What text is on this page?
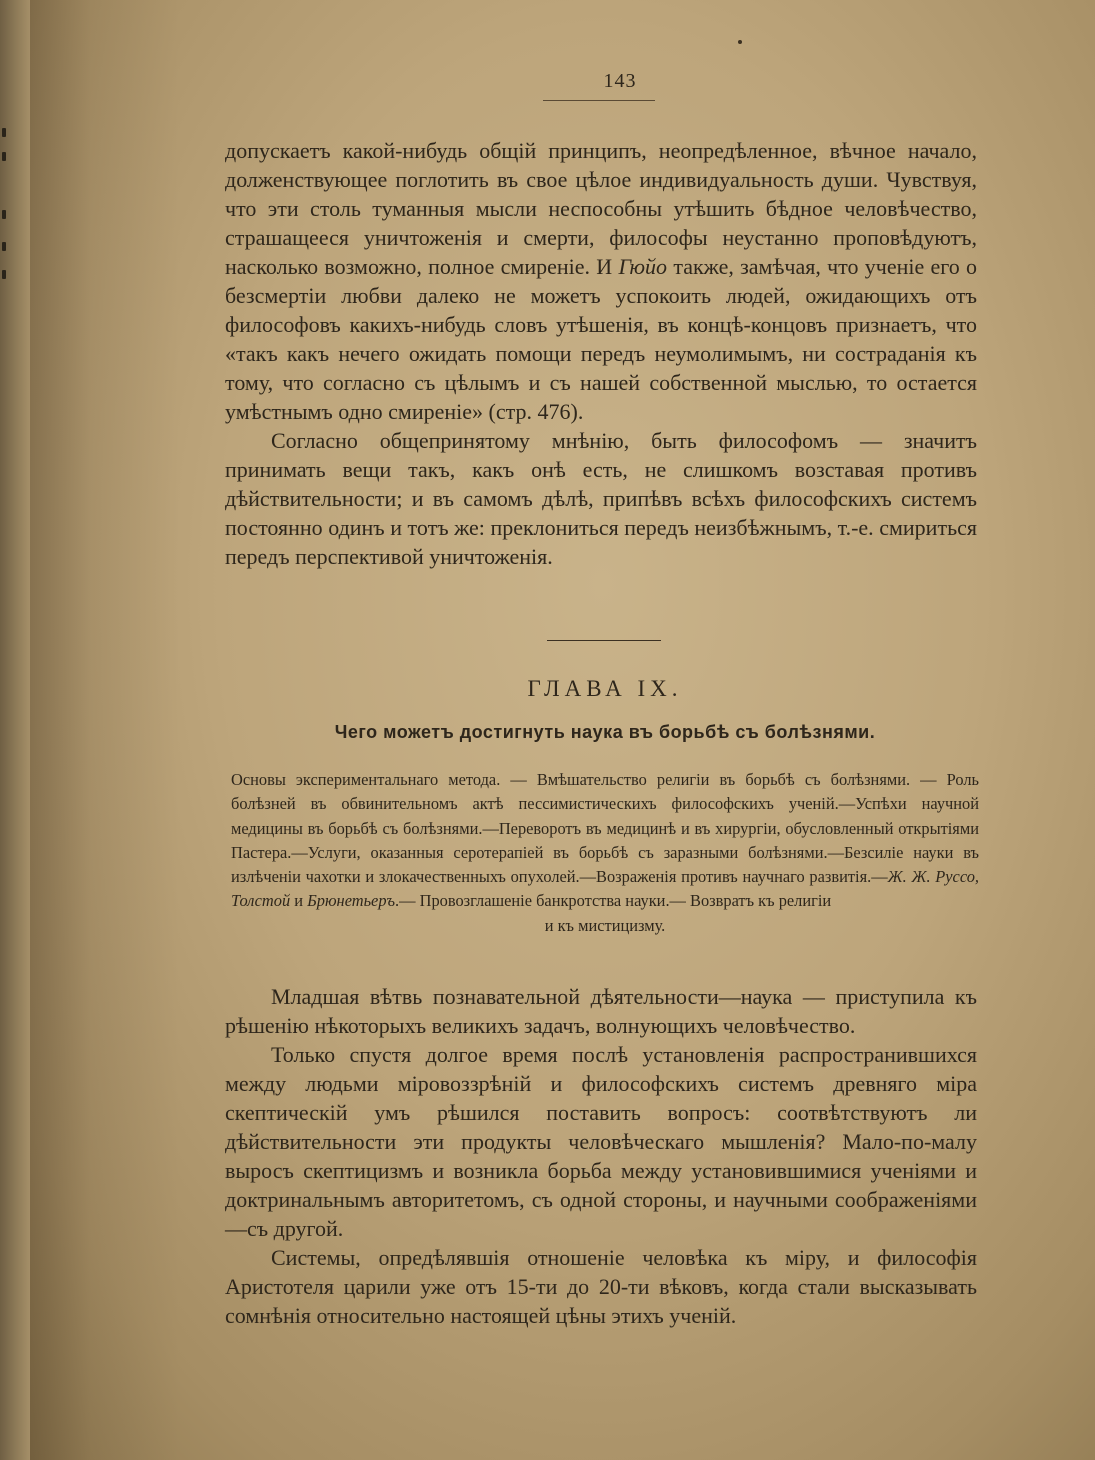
143

допускаетъ какой-нибудь общій принципъ, неопредѣленное, вѣчное начало, долженствующее поглотить въ свое цѣлое индивидуальность души. Чувствуя, что эти столь туманныя мысли неспособны утѣшить бѣдное человѣчество, страшащееся уничтоженія и смерти, философы неустанно проповѣдуютъ, насколько возможно, полное смиреніе. И Гюйо также, замѣчая, что ученіе его о безсмертіи любви далеко не можетъ успокоить людей, ожидающихъ отъ философовъ какихъ-нибудь словъ утѣшенія, въ концѣ-концовъ признаетъ, что «такъ какъ нечего ожидать помощи передъ неумолимымъ, ни состраданія къ тому, что согласно съ цѣлымъ и съ нашей собственной мыслью, то остается умѣстнымъ одно смиреніе» (стр. 476).

Согласно общепринятому мнѣнію, быть философомъ — значитъ принимать вещи такъ, какъ онѣ есть, не слишкомъ возставая противъ дѣйствительности; и въ самомъ дѣлѣ, припѣвъ всѣхъ философскихъ системъ постоянно одинъ и тотъ же: преклониться передъ неизбѣжнымъ, т.-е. смириться передъ перспективой уничтоженія.

ГЛАВА IX.
Чего можетъ достигнуть наука въ борьбѣ съ болѣзнями.
Основы экспериментальнаго метода. — Вмѣшательство религіи въ борьбѣ съ болѣзнями. — Роль болѣзней въ обвинительномъ актѣ пессимистическихъ философскихъ ученій.—Успѣхи научной медицины въ борьбѣ съ болѣзнями.—Переворотъ въ медицинѣ и въ хирургіи, обусловленный открытіями Пастера.—Услуги, оказанныя серотерапіей въ борьбѣ съ заразными болѣзнями.—Безсиліе науки въ излѣченіи чахотки и злокачественныхъ опухолей.—Возраженія противъ научнаго развитія.—Ж. Ж. Руссо, Толстой и Брюнетьеръ.— Провозглашеніе банкротства науки.— Возвратъ къ религіи
и къ мистицизму.

Младшая вѣтвь познавательной дѣятельности—наука — приступила къ рѣшенію нѣкоторыхъ великихъ задачъ, волнующихъ человѣчество.

Только спустя долгое время послѣ установленія распространившихся между людьми міровоззрѣній и философскихъ системъ древняго міра скептическій умъ рѣшился поставить вопросъ: соотвѣтствуютъ ли дѣйствительности эти продукты человѣческаго мышленія? Мало-по-малу выросъ скептицизмъ и возникла борьба между установившимися ученіями и доктринальнымъ авторитетомъ, съ одной стороны, и научными соображеніями—съ другой.

Системы, опредѣлявшія отношеніе человѣка къ міру, и философія Аристотеля царили уже отъ 15-ти до 20-ти вѣковъ, когда стали высказывать сомнѣнія относительно настоящей цѣны этихъ ученій.
